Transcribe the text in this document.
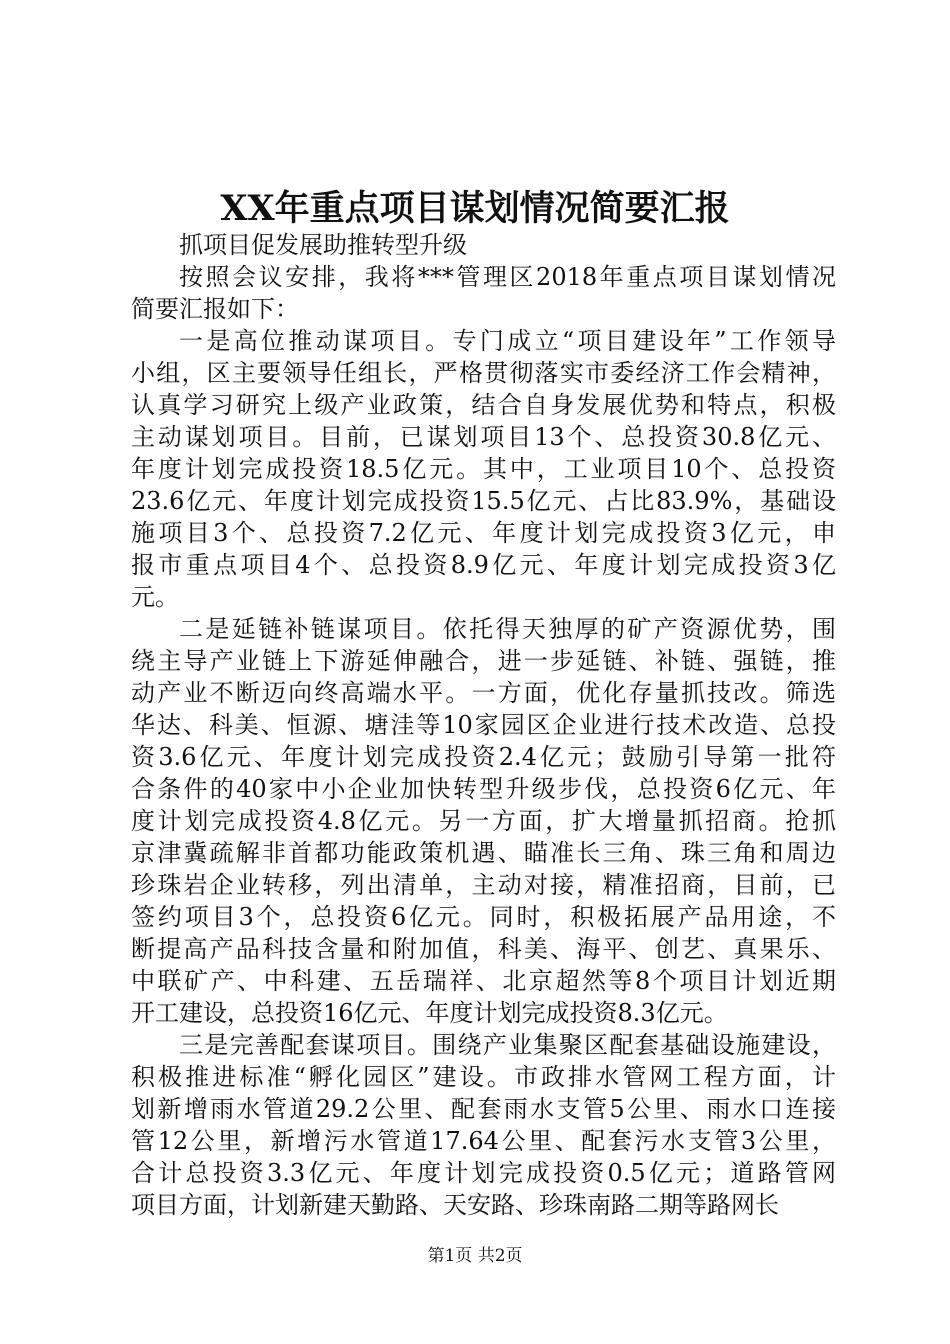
XX年重点项目谋划情况简要汇报
抓项目促发展助推转型升级
按照会议安排，我将***管理区2018年重点项目谋划情况
简要汇报如下：
一是高位推动谋项目。专门成立“项目建设年”工作领导
小组，区主要领导任组长，严格贯彻落实市委经济工作会精神，
认真学习研究上级产业政策，结合自身发展优势和特点，积极
主动谋划项目。目前，已谋划项目13个、总投资30.8亿元、
年度计划完成投资18.5亿元。其中，工业项目10个、总投资
23.6亿元、年度计划完成投资15.5亿元、占比83.9%，基础设
施项目3个、总投资7.2亿元、年度计划完成投资3亿元，申
报市重点项目4个、总投资8.9亿元、年度计划完成投资3亿
元。
二是延链补链谋项目。依托得天独厚的矿产资源优势，围
绕主导产业链上下游延伸融合，进一步延链、补链、强链，推
动产业不断迈向终高端水平。一方面，优化存量抓技改。筛选
华达、科美、恒源、塘洼等10家园区企业进行技术改造、总投
资3.6亿元、年度计划完成投资2.4亿元；鼓励引导第一批符
合条件的40家中小企业加快转型升级步伐，总投资6亿元、年
度计划完成投资4.8亿元。另一方面，扩大增量抓招商。抢抓
京津冀疏解非首都功能政策机遇、瞄准长三角、珠三角和周边
珍珠岩企业转移，列出清单，主动对接，精准招商，目前，已
签约项目3个，总投资6亿元。同时，积极拓展产品用途，不
断提高产品科技含量和附加值，科美、海平、创艺、真果乐、
中联矿产、中科建、五岳瑞祥、北京超然等8个项目计划近期
开工建设，总投资16亿元、年度计划完成投资8.3亿元。
三是完善配套谋项目。围绕产业集聚区配套基础设施建设，
积极推进标准“孵化园区”建设。市政排水管网工程方面，计
划新增雨水管道29.2公里、配套雨水支管5公里、雨水口连接
管12公里，新增污水管道17.64公里、配套污水支管3公里，
合计总投资3.3亿元、年度计划完成投资0.5亿元；道路管网
项目方面，计划新建天勤路、天安路、珍珠南路二期等路网长
第1页 共2页
